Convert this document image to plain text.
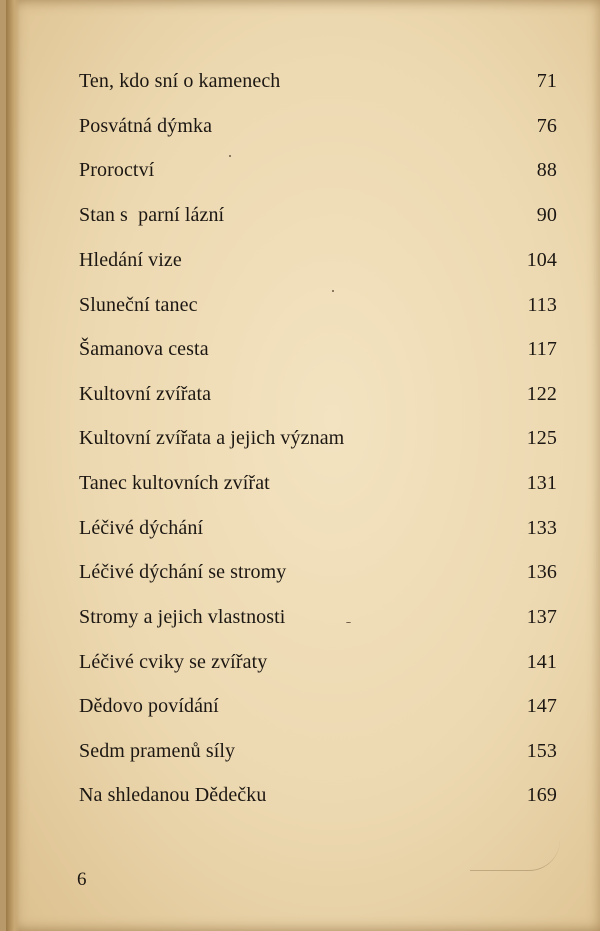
Ten, kdo sní o kamenech	71
Posvátná dýmka	76
Proroctví	88
Stan s  parní lázní	90
Hledání vize	104
Sluneční tanec	113
Šamanova cesta	117
Kultovní zvířata	122
Kultovní zvířata a jejich význam	125
Tanec kultovních zvířat	131
Léčivé dýchání	133
Léčivé dýchání se stromy	136
Stromy a jejich vlastnosti	137
Léčivé cviky se zvířaty	141
Dědovo povídání	147
Sedm pramenů síly	153
Na shledanou Dědečku	169
6
